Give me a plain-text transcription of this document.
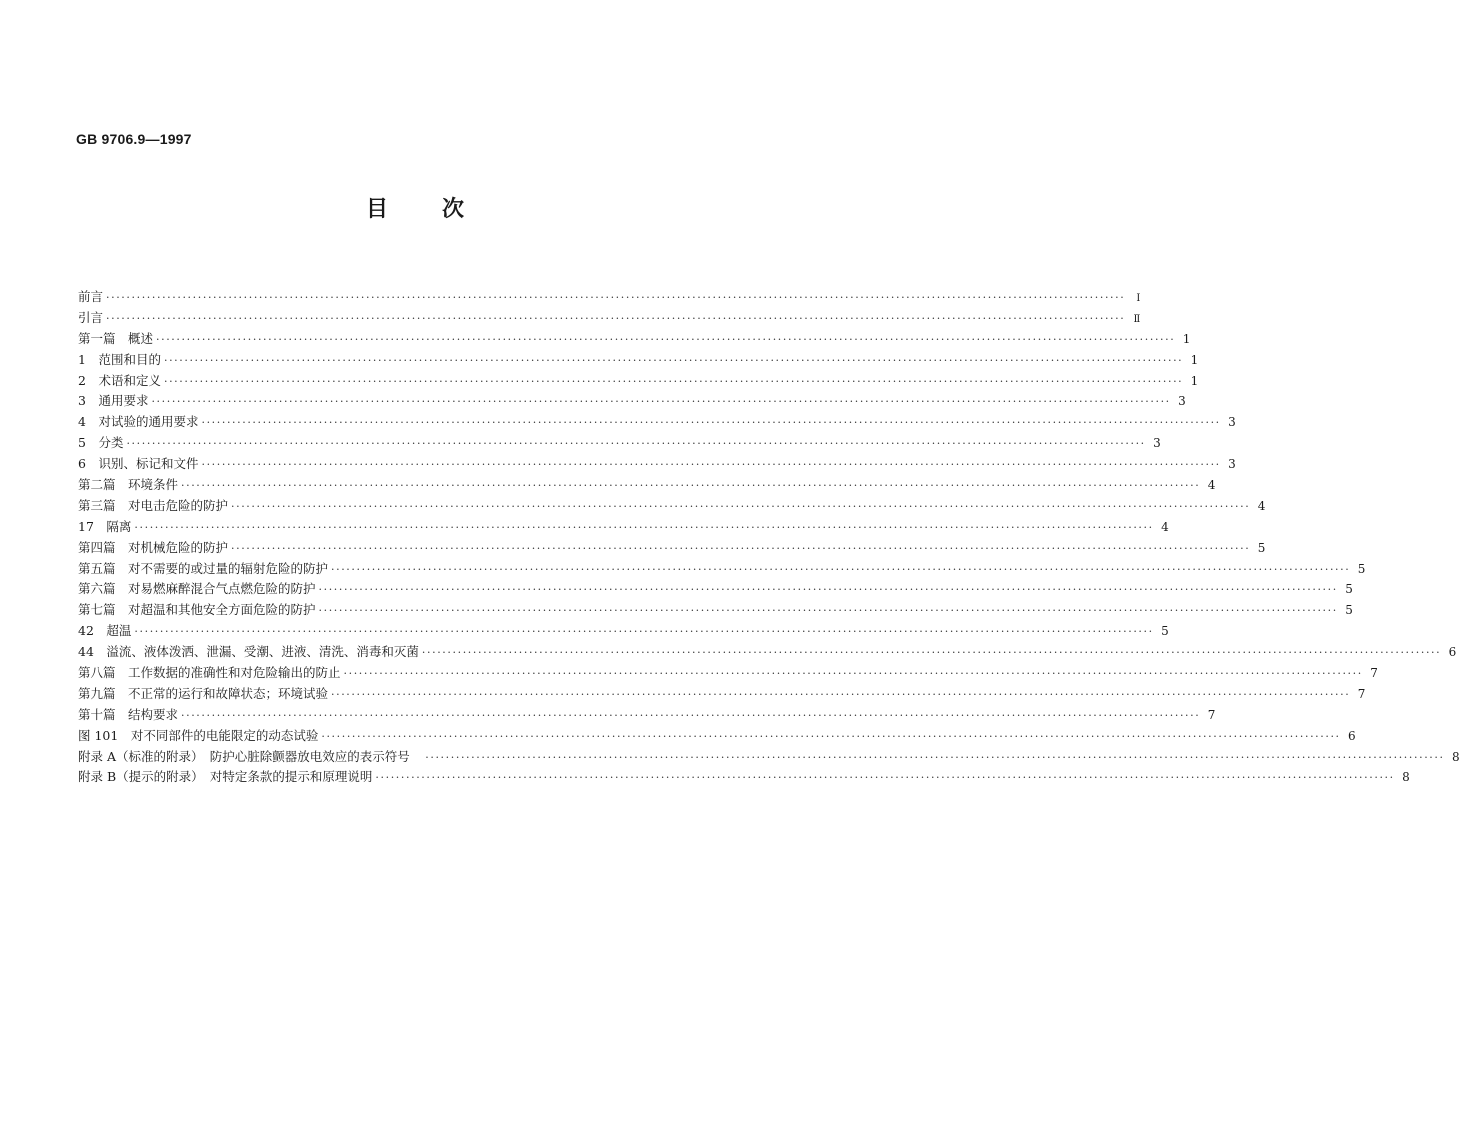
GB 9706.9—1997
目 次
前言 ········································································································································································································	Ⅰ
引言 ········································································································································································································ Ⅱ
第一篇　概述 ········································································································································································································ 1
1　范围和目的 ········································································································································································································ 1
2　术语和定义 ········································································································································································································ 1
3　通用要求 ········································································································································································································ 3
4　对试验的通用要求 ········································································································································································································ 3
5　分类 ········································································································································································································ 3
6　识别、标记和文件 ········································································································································································································ 3
第二篇　环境条件 ········································································································································································································ 4
第三篇　对电击危险的防护 ········································································································································································································ 4
17　隔离 ········································································································································································································ 4
第四篇　对机械危险的防护 ········································································································································································································ 5
第五篇　对不需要的或过量的辐射危险的防护 ········································································································································································································ 5
第六篇　对易燃麻醉混合气点燃危险的防护 ········································································································································································································ 5
第七篇　对超温和其他安全方面危险的防护 ········································································································································································································ 5
42　超温 ········································································································································································································ 5
44　溢流、液体泼洒、泄漏、受潮、进液、清洗、消毒和灭菌 ········································································································································································································ 6
第八篇　工作数据的准确性和对危险输出的防止 ········································································································································································································ 7
第九篇　不正常的运行和故障状态；环境试验 ········································································································································································································ 7
第十篇　结构要求 ········································································································································································································ 7
图 101　对不同部件的电能限定的动态试验 ········································································································································································································ 6
附录 A（标准的附录）　防护心脏除颤器放电效应的表示符号　 ········································································································································································································ 8
附录 B（提示的附录）　对特定条款的提示和原理说明 ········································································································································································································ 8
